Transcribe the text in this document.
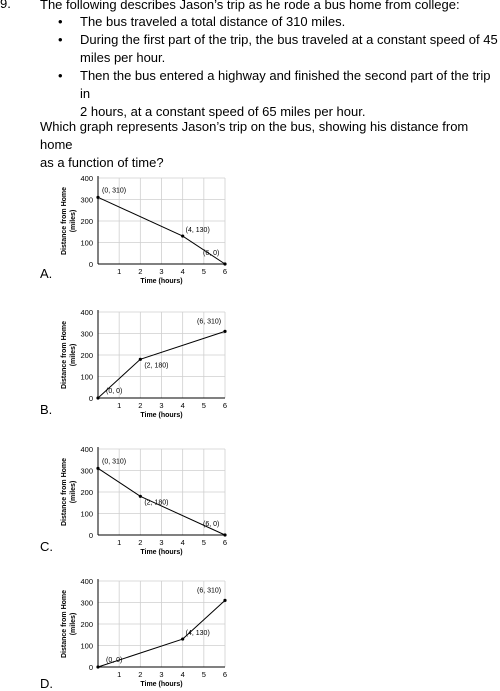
9. The following describes Jason’s trip as he rode a bus home from college:
• The bus traveled a total distance of 310 miles.
• During the first part of the trip, the bus traveled at a constant speed of 45
miles per hour.
• Then the bus entered a highway and finished the second part of the trip in
2 hours, at a constant speed of 65 miles per hour.
Which graph represents Jason’s trip on the bus, showing his distance from home
as a function of time?
A.
100
200
300
400
1 2 3 4 5 6
0
Time (hours)
Distance from Home (miles)
(0, 310)
(4, 130)
(6, 0)
B.
100
200
300
400
1 2 3 4 5 6
0
Time (hours)
Distance from Home (miles)
(0, 0)
(2, 180)
(6, 310)
C.
100
200
300
400
1 2 3 4 5 6
0
Time (hours)
Distance from Home (miles)
(0, 310)
(2, 180)
(6, 0)
D.
100
200
300
400
1 2 3 4 5 6
0
Time (hours)
Distance from Home (miles)
(0, 0)
(4, 130)
(6, 310)
